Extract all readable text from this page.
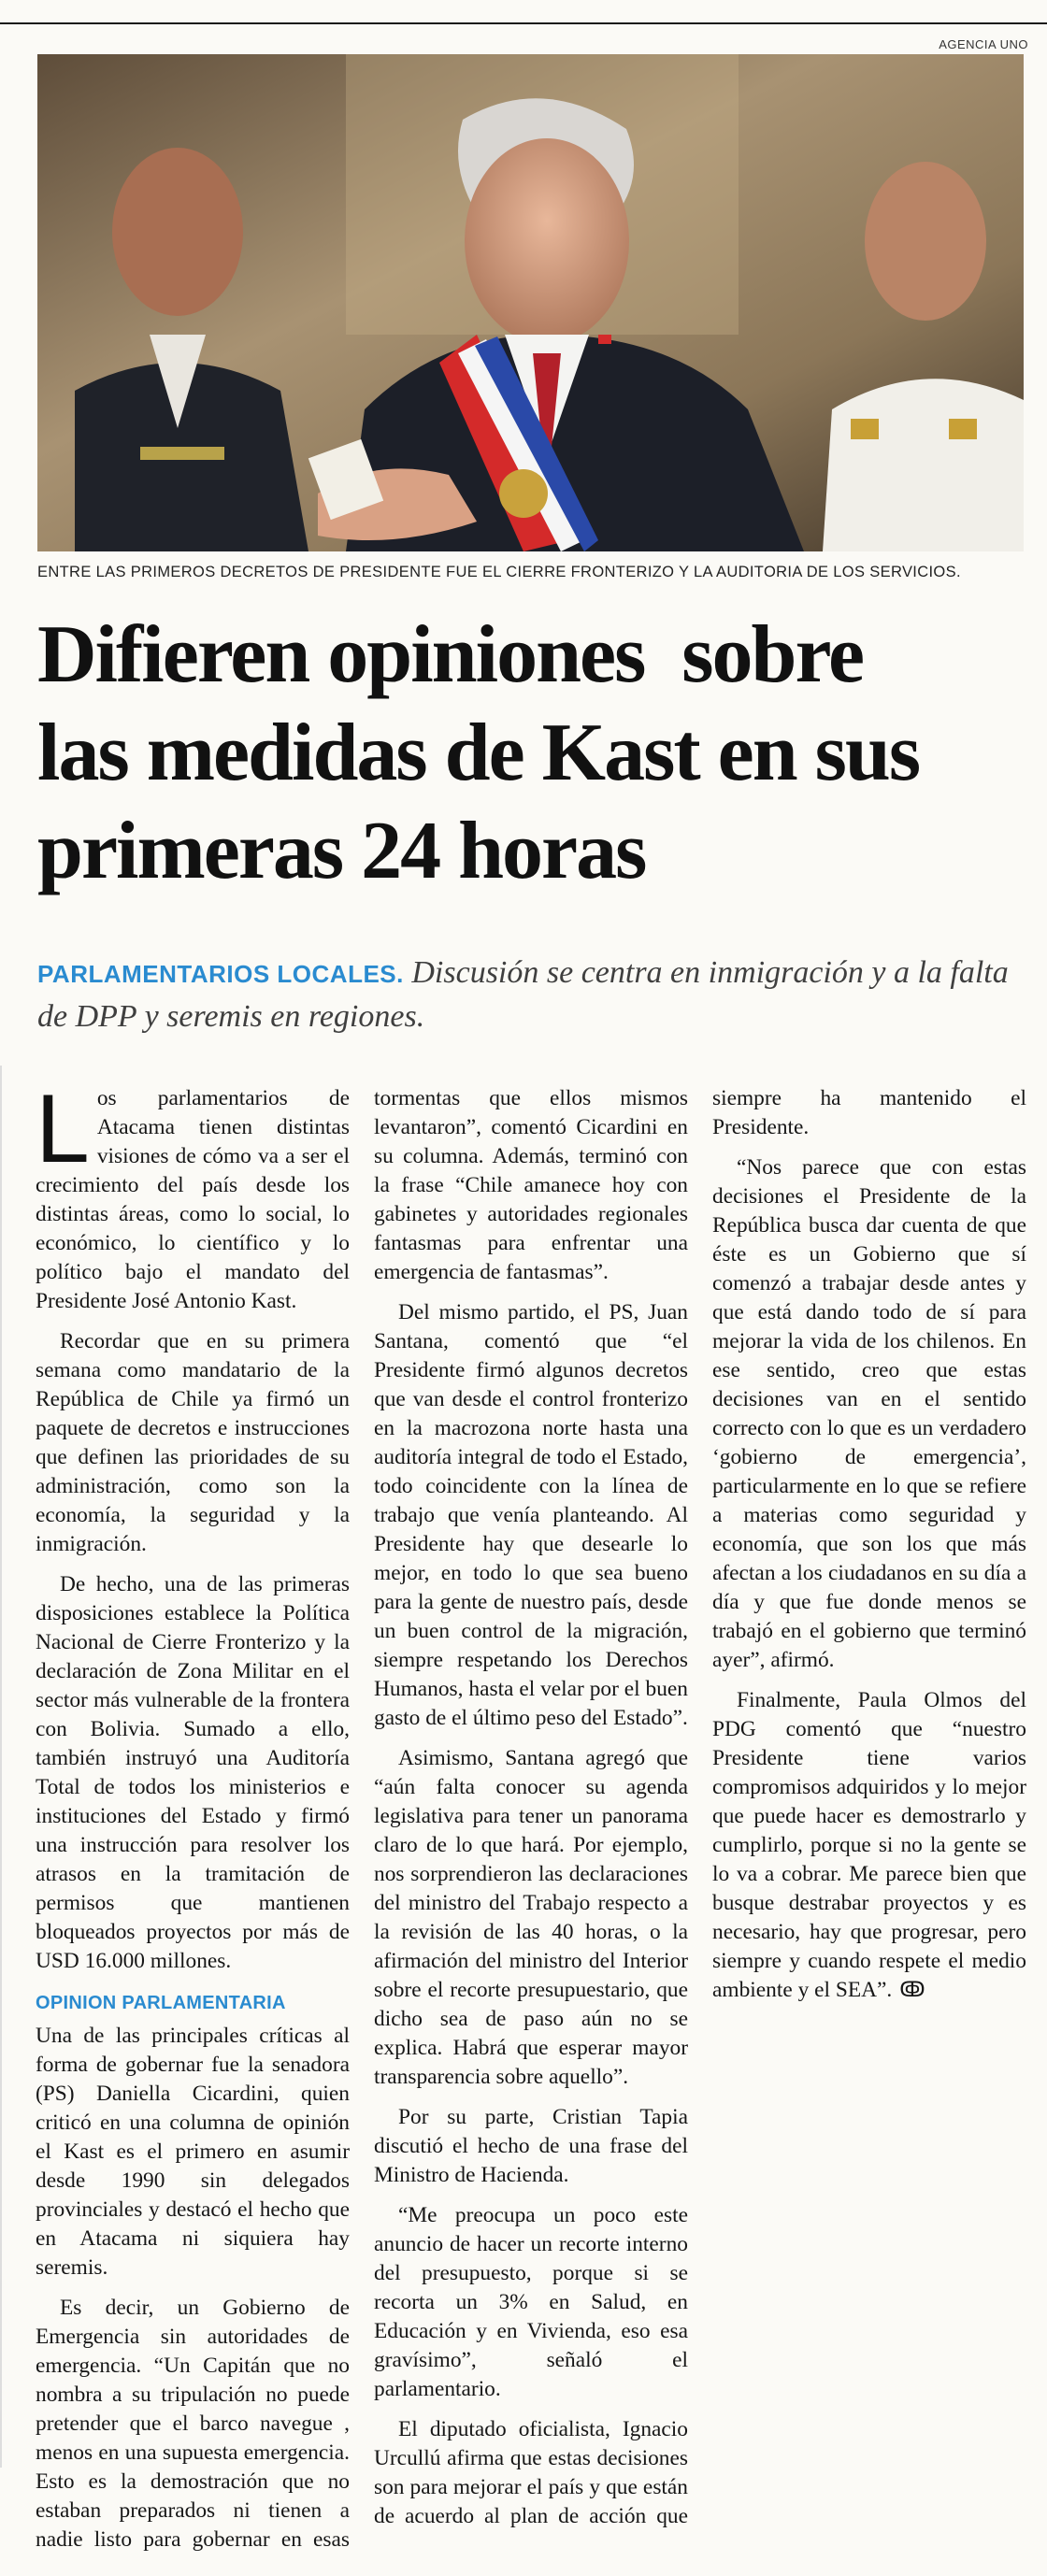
AGENCIA UNO
ENTRE LAS PRIMEROS DECRETOS DE PRESIDENTE FUE EL CIERRE FRONTERIZO Y LA AUDITORIA DE LOS SERVICIOS.
Difieren opiniones  sobre
las medidas de Kast en sus
primeras 24 horas
PARLAMENTARIOS LOCALES. Discusión se centra en inmigración y a la falta de DPP y seremis en regiones.

Los parlamentarios de Atacama tienen distintas visiones de cómo va a ser el crecimiento del país desde los distintas áreas, como lo social, lo económico, lo científico y lo político bajo el mandato del Presidente José Antonio Kast.

Recordar que en su primera semana como mandatario de la República de Chile ya firmó un paquete de decretos e instrucciones que definen las prioridades de su administración, como son la economía, la seguridad y la inmigración.

De hecho, una de las primeras disposiciones establece la Política Nacional de Cierre Fronterizo y la declaración de Zona Militar en el sector más vulnerable de la frontera con Bolivia. Sumado a ello, también instruyó una Auditoría Total de todos los ministerios e instituciones del Estado y firmó una instrucción para resolver los atrasos en la tramitación de permisos que mantienen bloqueados proyectos por más de USD 16.000 millones.

OPINION PARLAMENTARIA

Una de las principales críticas al forma de gobernar fue la senadora (PS) Daniella Cicardini, quien criticó en una columna de opinión el Kast es el primero en asumir desde 1990 sin delegados provinciales y destacó el hecho que en Atacama ni siquiera hay seremis.

Es decir, un Gobierno de Emergencia sin autoridades de emergencia. “Un Capitán que no nombra a su tripulación no puede pretender que el barco navegue , menos en una supuesta emergencia. Esto es la demostración que no estaban preparados ni tienen a nadie listo para gobernar en esas tormentas que ellos mismos levantaron”, comentó Cicardini en su columna. Además, terminó con la frase “Chile amanece hoy con gabinetes y autoridades regionales fantasmas para enfrentar una emergencia de fantasmas”.

Del mismo partido, el PS, Juan Santana, comentó que “el Presidente firmó algunos decretos que van desde el control fronterizo en la macrozona norte hasta una auditoría integral de todo el Estado, todo coincidente con la línea de trabajo que venía planteando. Al Presidente hay que desearle lo mejor, en todo lo que sea bueno para la gente de nuestro país, desde un buen control de la migración, siempre respetando los Derechos Humanos, hasta el velar por el buen gasto de el último peso del Estado”.

Asimismo, Santana agregó que “aún falta conocer su agenda legislativa para tener un panorama claro de lo que hará. Por ejemplo, nos sorprendieron las declaraciones del ministro del Trabajo respecto a la revisión de las 40 horas, o la afirmación del ministro del Interior sobre el recorte presupuestario, que dicho sea de paso aún no se explica. Habrá que esperar mayor transparencia sobre aquello”.

Por su parte, Cristian Tapia discutió el hecho de una frase del Ministro de Hacienda.

“Me preocupa un poco este anuncio de hacer un recorte interno del presupuesto, porque si se recorta un 3% en Salud, en Educación y en Vivienda, eso esa gravísimo”, señaló el parlamentario.

El diputado oficialista, Ignacio Urcullú afirma que estas decisiones son para mejorar el país y que están de acuerdo al plan de acción que siempre ha mantenido el Presidente.

“Nos parece que con estas decisiones el Presidente de la República busca dar cuenta de que éste es un Gobierno que sí comenzó a trabajar desde antes y que está dando todo de sí para mejorar la vida de los chilenos. En ese sentido, creo que estas decisiones van en el sentido correcto con lo que es un verdadero ‘gobierno de emergencia’, particularmente en lo que se refiere a materias como seguridad y economía, que son los que más afectan a los ciudadanos en su día a día y que fue donde menos se trabajó en el gobierno que terminó ayer”, afirmó.

Finalmente, Paula Olmos del PDG comentó que “nuestro Presidente tiene varios compromisos adquiridos y lo mejor que puede hacer es demostrarlo y cumplirlo, porque si no la gente se lo va a cobrar. Me parece bien que busque destrabar proyectos y es necesario, hay que progresar, pero siempre y cuando respete el medio ambiente y el SEA”. ↂ
